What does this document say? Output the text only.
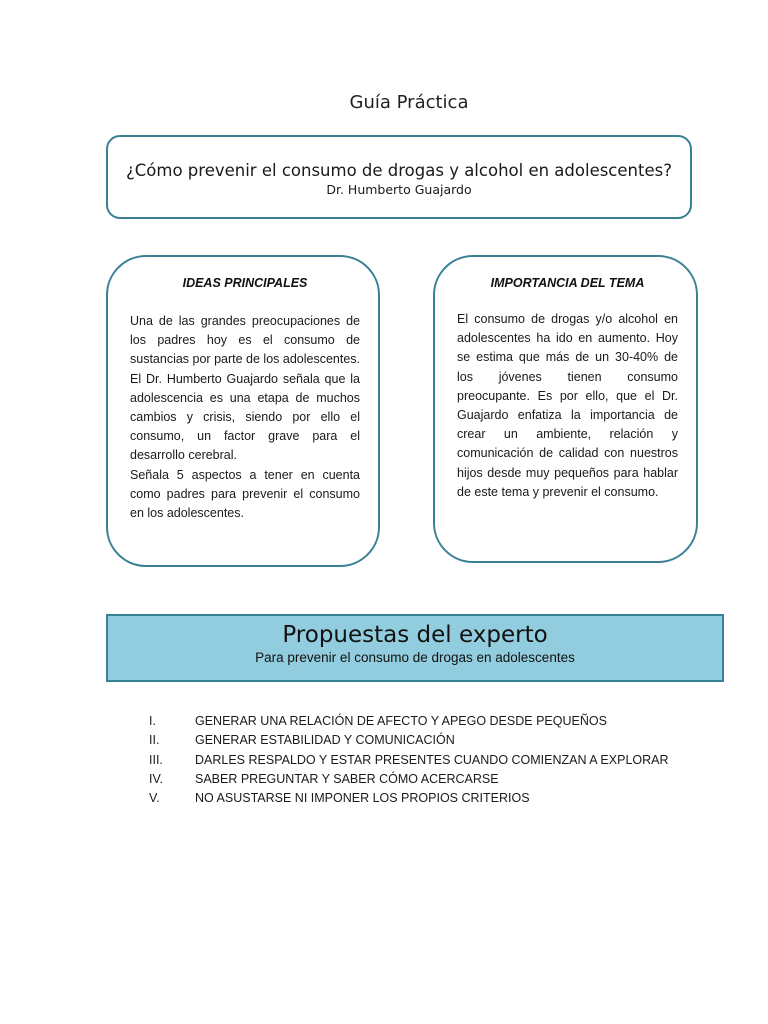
Guía Práctica
¿Cómo prevenir el consumo de drogas y alcohol en adolescentes?
Dr. Humberto Guajardo
IDEAS PRINCIPALES
Una de las grandes preocupaciones de los padres hoy es el consumo de sustancias por parte de los adolescentes. El Dr. Humberto Guajardo señala que la adolescencia es una etapa de muchos cambios y crisis, siendo por ello el consumo, un factor grave para el desarrollo cerebral.
Señala 5 aspectos a tener en cuenta como padres para prevenir el consumo en los adolescentes.
IMPORTANCIA DEL TEMA
El consumo de drogas y/o alcohol en adolescentes ha ido en aumento. Hoy se estima que más de un 30-40% de los jóvenes tienen consumo preocupante. Es por ello, que el Dr. Guajardo enfatiza la importancia de crear un ambiente, relación y comunicación de calidad con nuestros hijos desde muy pequeños para hablar de este tema y prevenir el consumo.
Propuestas del experto
Para prevenir el consumo de drogas en adolescentes
I.	GENERAR UNA RELACIÓN DE AFECTO Y APEGO DESDE PEQUEÑOS
II.	GENERAR ESTABILIDAD Y COMUNICACIÓN
III.	DARLES RESPALDO Y ESTAR PRESENTES CUANDO COMIENZAN A EXPLORAR
IV.	SABER PREGUNTAR Y SABER CÓMO ACERCARSE
V.	NO ASUSTARSE NI IMPONER LOS PROPIOS CRITERIOS
